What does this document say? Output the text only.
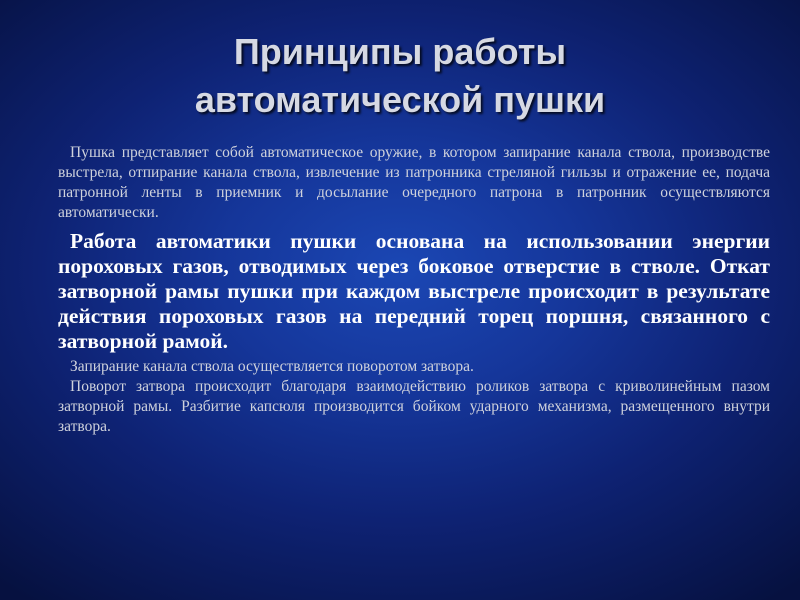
Принципы работы
автоматической пушки

Пушка представляет собой автоматическое оружие, в котором запирание канала ствола, производстве выстрела, отпирание канала ствола, извлечение из патронника стреляной гильзы и отражение ее, подача патронной ленты в приемник и досылание очередного патрона в патронник осуществляются автоматически.

Работа автоматики пушки основана на использовании энергии пороховых газов, отводимых через боковое отверстие в стволе. Откат затворной рамы пушки при каждом выстреле происходит в результате действия пороховых газов на передний торец поршня, связанного с затворной рамой.

Запирание канала ствола осуществляется поворотом затвора.

Поворот затвора происходит благодаря взаимодействию роликов затвора с криволинейным пазом затворной рамы. Разбитие капсюля производится бойком ударного механизма, размещенного внутри затвора.
